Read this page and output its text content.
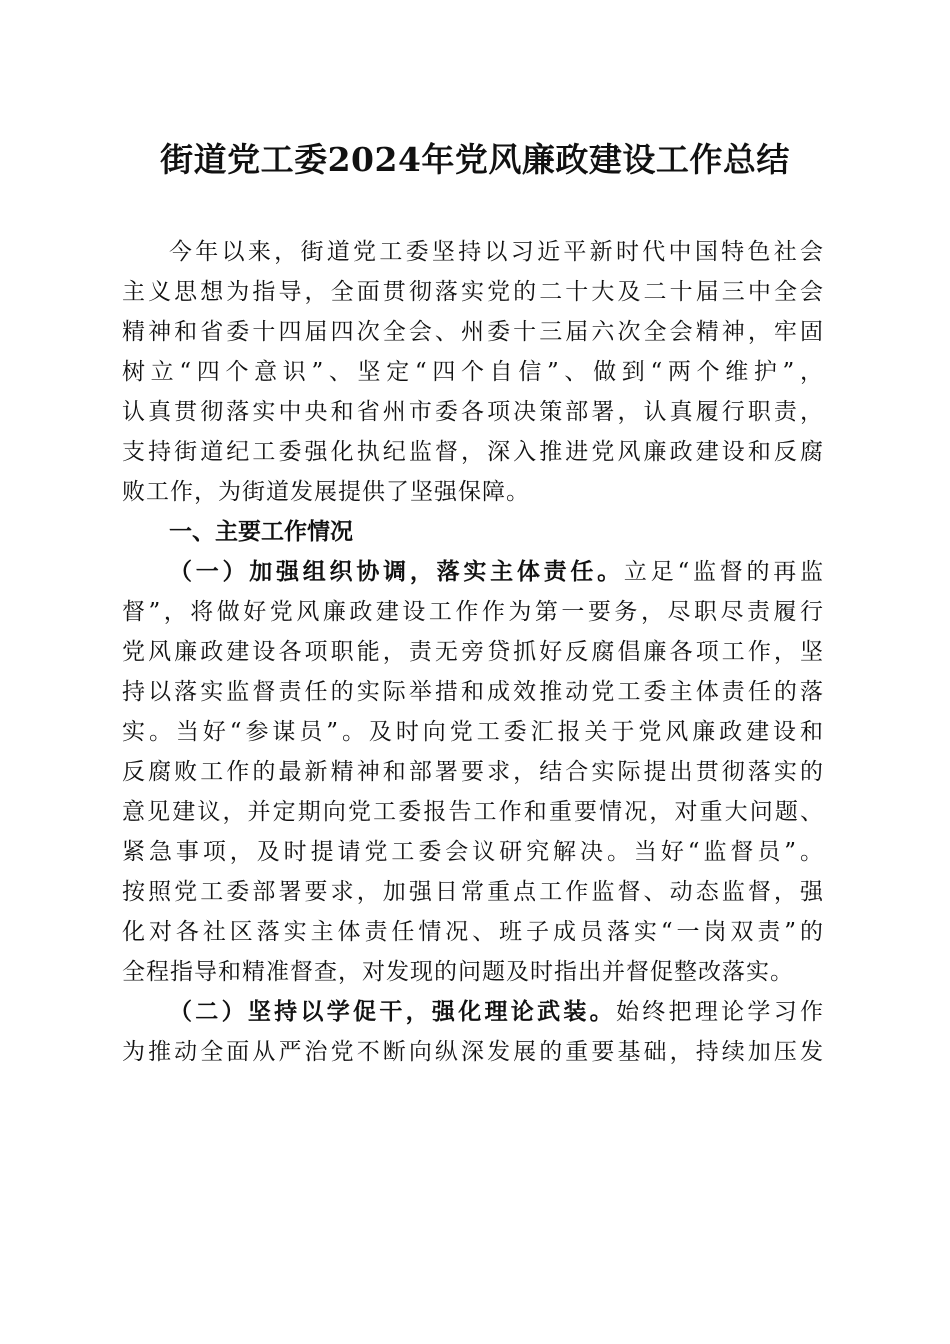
街道党工委2024年党风廉政建设工作总结
今年以来，街道党工委坚持以习近平新时代中国特色社会
主义思想为指导，全面贯彻落实党的二十大及二十届三中全会
精神和省委十四届四次全会、州委十三届六次全会精神，牢固
树立“四个意识”、坚定“四个自信”、做到“两个维护”，
认真贯彻落实中央和省州市委各项决策部署，认真履行职责，
支持街道纪工委强化执纪监督，深入推进党风廉政建设和反腐
败工作，为街道发展提供了坚强保障。
一、主要工作情况
（一）加强组织协调，落实主体责任。立足“监督的再监
督”，将做好党风廉政建设工作作为第一要务，尽职尽责履行
党风廉政建设各项职能，责无旁贷抓好反腐倡廉各项工作，坚
持以落实监督责任的实际举措和成效推动党工委主体责任的落
实。当好“参谋员”。及时向党工委汇报关于党风廉政建设和
反腐败工作的最新精神和部署要求，结合实际提出贯彻落实的
意见建议，并定期向党工委报告工作和重要情况，对重大问题、
紧急事项，及时提请党工委会议研究解决。当好“监督员”。
按照党工委部署要求，加强日常重点工作监督、动态监督，强
化对各社区落实主体责任情况、班子成员落实“一岗双责”的
全程指导和精准督查，对发现的问题及时指出并督促整改落实。
（二）坚持以学促干，强化理论武装。始终把理论学习作
为推动全面从严治党不断向纵深发展的重要基础，持续加压发
